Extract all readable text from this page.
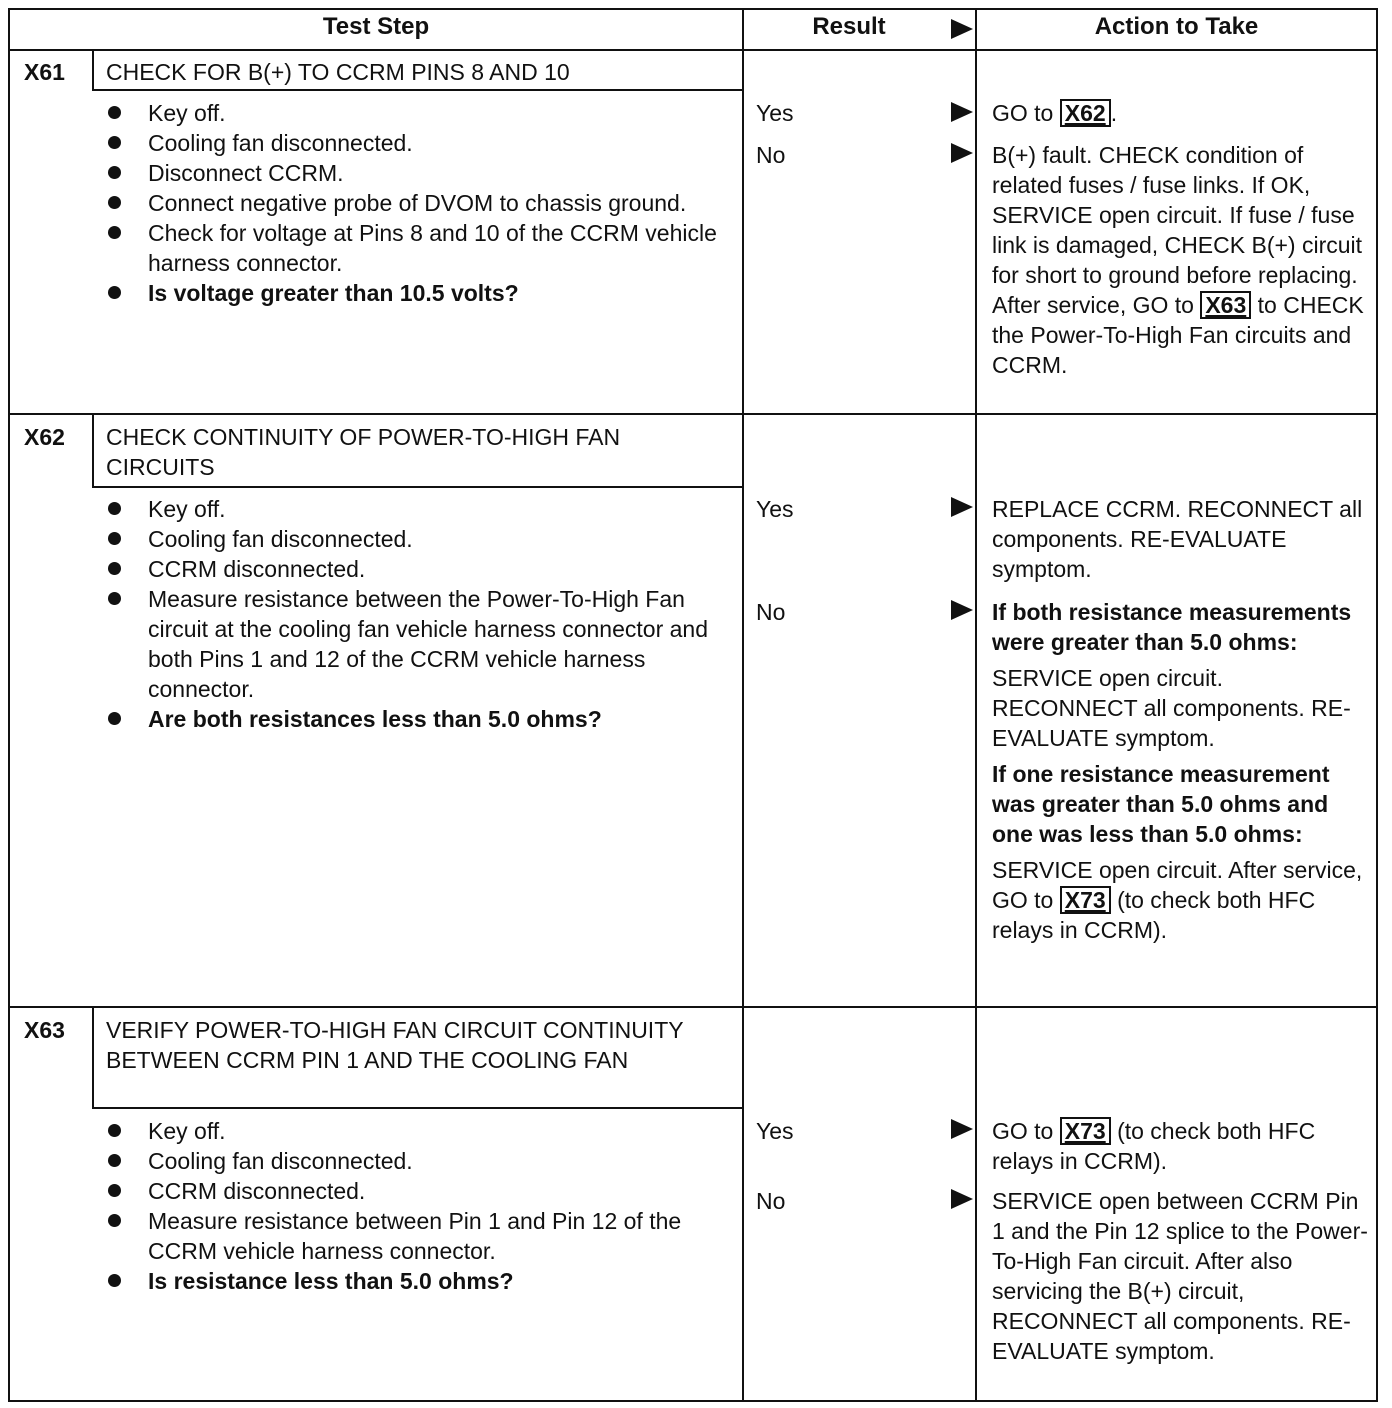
Test Step	Result	Action to Take
X61 CHECK FOR B(+) TO CCRM PINS 8 AND 10
Key off.
Cooling fan disconnected.
Disconnect CCRM.
Connect negative probe of DVOM to chassis ground.
Check for voltage at Pins 8 and 10 of the CCRM vehicle harness connector.
Is voltage greater than 10.5 volts?
Yes	GO to X62 .
No	B(+) fault. CHECK condition of related fuses / fuse links. If OK, SERVICE open circuit. If fuse / fuse link is damaged, CHECK B(+) circuit for short to ground before replacing. After service, GO to X63 to CHECK the Power-To-High Fan circuits and CCRM.
X62 CHECK CONTINUITY OF POWER-TO-HIGH FAN CIRCUITS
Key off.
Cooling fan disconnected.
CCRM disconnected.
Measure resistance between the Power-To-High Fan circuit at the cooling fan vehicle harness connector and both Pins 1 and 12 of the CCRM vehicle harness connector.
Are both resistances less than 5.0 ohms?
Yes	REPLACE CCRM. RECONNECT all components. RE-EVALUATE symptom.
No	If both resistance measurements were greater than 5.0 ohms:
SERVICE open circuit. RECONNECT all components. RE-EVALUATE symptom.
If one resistance measurement was greater than 5.0 ohms and one was less than 5.0 ohms:
SERVICE open circuit. After service, GO to X73 (to check both HFC relays in CCRM).
X63 VERIFY POWER-TO-HIGH FAN CIRCUIT CONTINUITY BETWEEN CCRM PIN 1 AND THE COOLING FAN
Key off.
Cooling fan disconnected.
CCRM disconnected.
Measure resistance between Pin 1 and Pin 12 of the CCRM vehicle harness connector.
Is resistance less than 5.0 ohms?
Yes	GO to X73 (to check both HFC relays in CCRM).
No	SERVICE open between CCRM Pin 1 and the Pin 12 splice to the Power-To-High Fan circuit. After also servicing the B(+) circuit, RECONNECT all components. RE-EVALUATE symptom.
